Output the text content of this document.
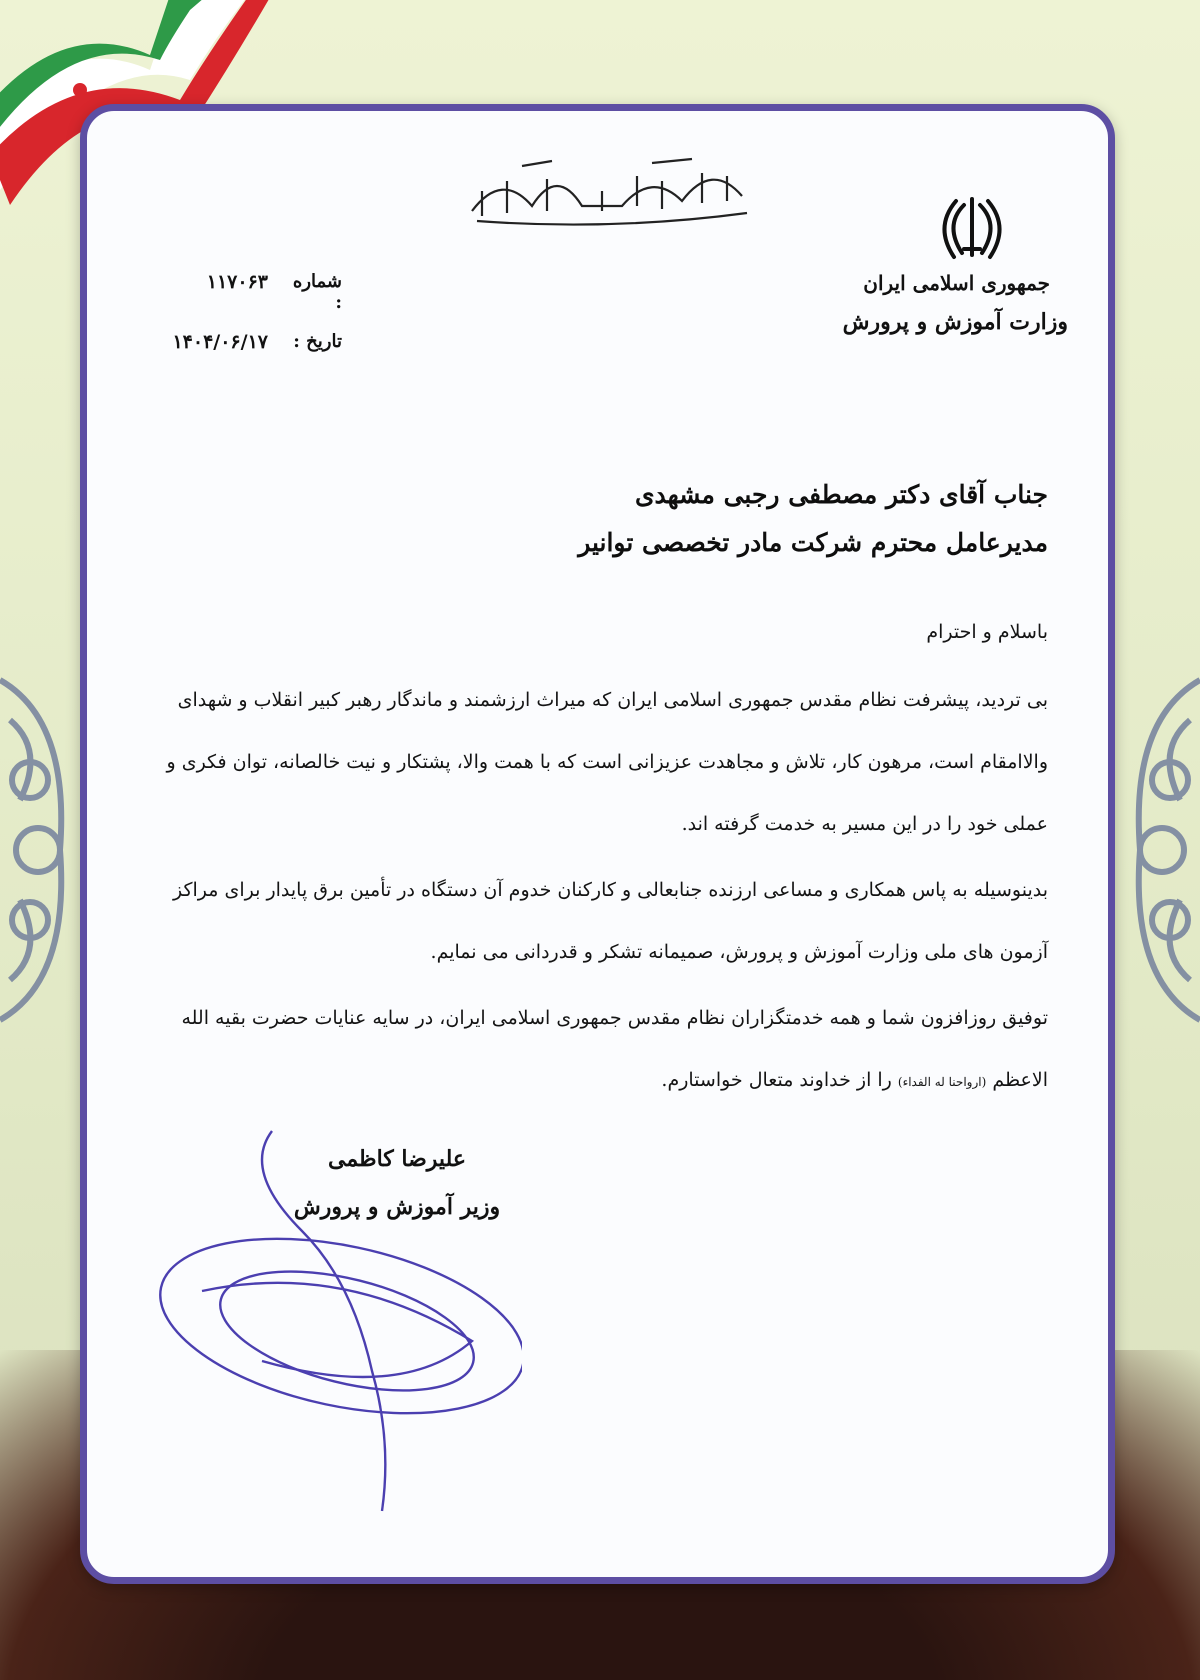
جمهوری اسلامی ایران
وزارت آموزش و پرورش
شماره :
۱۱۷۰۶۳
تاریخ :
۱۴۰۴/۰۶/۱۷
جناب آقای دکتر مصطفی رجبی مشهدی
مدیرعامل محترم شرکت مادر تخصصی توانیر

باسلام و احترام

بی تردید، پیشرفت نظام مقدس جمهوری اسلامی ایران که میراث ارزشمند و ماندگار رهبر کبیر انقلاب و شهدای والاامقام است، مرهون کار، تلاش و مجاهدت عزیزانی است که با همت والا، پشتکار و نیت خالصانه، توان فکری و عملی خود را در این مسیر به خدمت گرفته اند.

بدینوسیله به پاس همکاری و مساعی ارزنده جنابعالی و کارکنان خدوم آن دستگاه در تأمین برق پایدار برای مراکز آزمون های ملی وزارت آموزش و پرورش، صمیمانه تشکر و قدردانی می نمایم.

توفیق روزافزون شما و همه خدمتگزاران نظام مقدس جمهوری اسلامی ایران، در سایه عنایات حضرت بقیه الله الاعظم (ارواحنا له الفداء) را از خداوند متعال خواستارم.

علیرضا کاظمی
وزیر آموزش و پرورش
